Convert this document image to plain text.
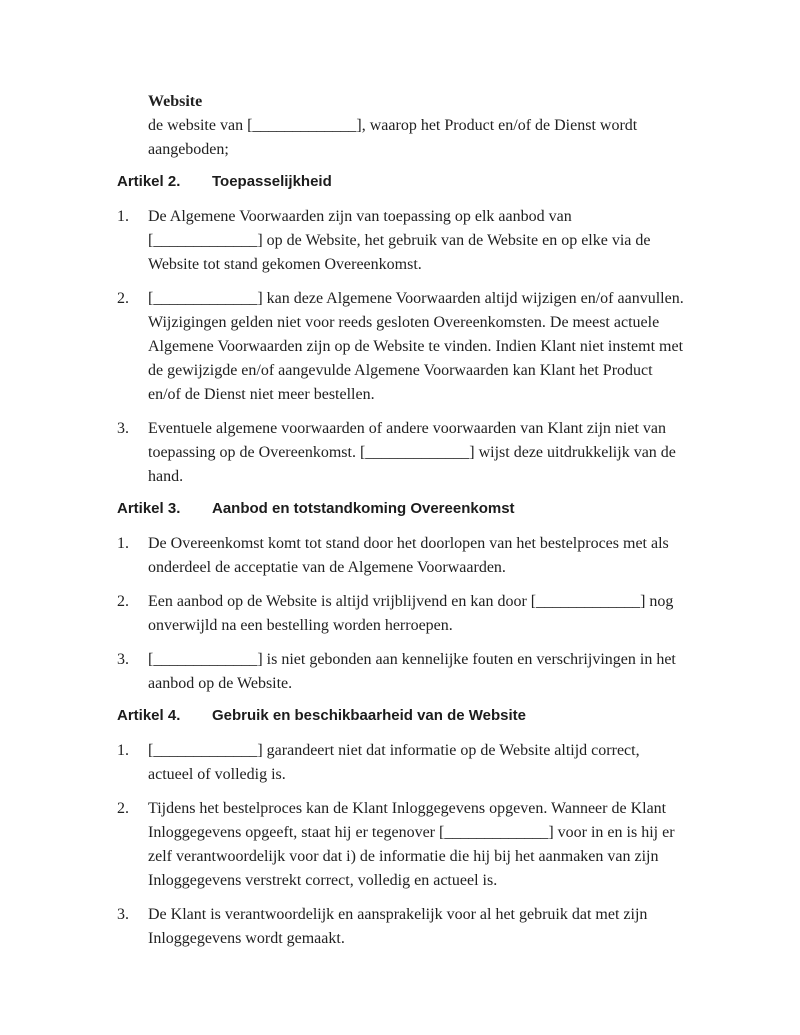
Website

de website van [_____________], waarop het Product en/of de Dienst wordt aangeboden;

Artikel 2.	Toepasselijkheid
1.	De Algemene Voorwaarden zijn van toepassing op elk aanbod van [_____________] op de Website, het gebruik van de Website en op elke via de Website tot stand gekomen Overeenkomst.
2.	[_____________] kan deze Algemene Voorwaarden altijd wijzigen en/of aanvullen. Wijzigingen gelden niet voor reeds gesloten Overeenkomsten. De meest actuele Algemene Voorwaarden zijn op de Website te vinden. Indien Klant niet instemt met de gewijzigde en/of aangevulde Algemene Voorwaarden kan Klant het Product en/of de Dienst niet meer bestellen.
3.	Eventuele algemene voorwaarden of andere voorwaarden van Klant zijn niet van toepassing op de Overeenkomst. [_____________] wijst deze uitdrukkelijk van de hand.
Artikel 3.	Aanbod en totstandkoming Overeenkomst
1.	De Overeenkomst komt tot stand door het doorlopen van het bestelproces met als onderdeel de acceptatie van de Algemene Voorwaarden.
2.	Een aanbod op de Website is altijd vrijblijvend en kan door [_____________] nog onverwijld na een bestelling worden herroepen.
3.	[_____________] is niet gebonden aan kennelijke fouten en verschrijvingen in het aanbod op de Website.
Artikel 4.	Gebruik en beschikbaarheid van de Website
1.	[_____________] garandeert niet dat informatie op de Website altijd correct, actueel of volledig is.
2.	Tijdens het bestelproces kan de Klant Inloggegevens opgeven. Wanneer de Klant Inloggegevens opgeeft, staat hij er tegenover [_____________] voor in en is hij er zelf verantwoordelijk voor dat i) de informatie die hij bij het aanmaken van zijn Inloggegevens verstrekt correct, volledig en actueel is.
3.	De Klant is verantwoordelijk en aansprakelijk voor al het gebruik dat met zijn Inloggegevens wordt gemaakt.
